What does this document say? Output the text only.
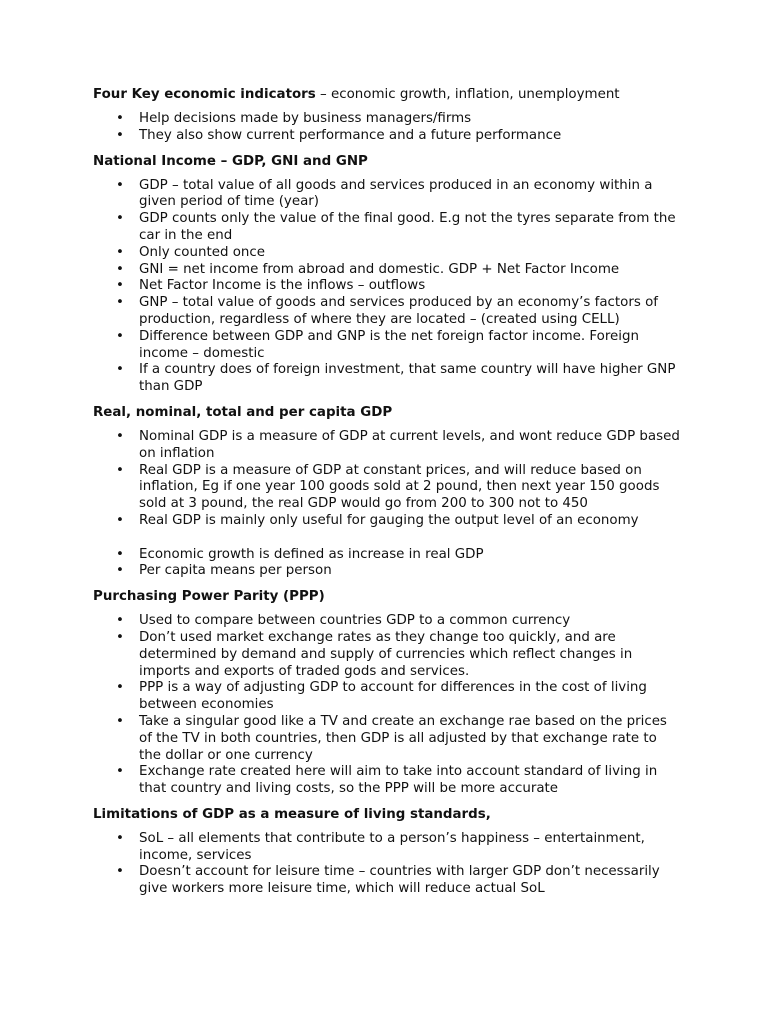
Four Key economic indicators – economic growth, inflation, unemployment

• Help decisions made by business managers/firms
• They also show current performance and a future performance

National Income – GDP, GNI and GNP

• GDP – total value of all goods and services produced in an economy within a given period of time (year)
• GDP counts only the value of the final good. E.g not the tyres separate from the car in the end
• Only counted once
• GNI = net income from abroad and domestic. GDP + Net Factor Income
• Net Factor Income is the inflows – outflows
• GNP – total value of goods and services produced by an economy’s factors of production, regardless of where they are located – (created using CELL)
• Difference between GDP and GNP is the net foreign factor income. Foreign income – domestic
• If a country does of foreign investment, that same country will have higher GNP than GDP

Real, nominal, total and per capita GDP

• Nominal GDP is a measure of GDP at current levels, and wont reduce GDP based on inflation
• Real GDP is a measure of GDP at constant prices, and will reduce based on inflation, Eg if one year 100 goods sold at 2 pound, then next year 150 goods sold at 3 pound, the real GDP would go from 200 to 300 not to 450
• Real GDP is mainly only useful for gauging the output level of an economy
• Economic growth is defined as increase in real GDP
• Per capita means per person

Purchasing Power Parity (PPP)

• Used to compare between countries GDP to a common currency
• Don’t used market exchange rates as they change too quickly, and are determined by demand and supply of currencies which reflect changes in imports and exports of traded gods and services.
• PPP is a way of adjusting GDP to account for differences in the cost of living between economies
• Take a singular good like a TV and create an exchange rae based on the prices of the TV in both countries, then GDP is all adjusted by that exchange rate to the dollar or one currency
• Exchange rate created here will aim to take into account standard of living in that country and living costs, so the PPP will be more accurate

Limitations of GDP as a measure of living standards,

• SoL – all elements that contribute to a person’s happiness – entertainment, income, services
• Doesn’t account for leisure time – countries with larger GDP don’t necessarily give workers more leisure time, which will reduce actual SoL
